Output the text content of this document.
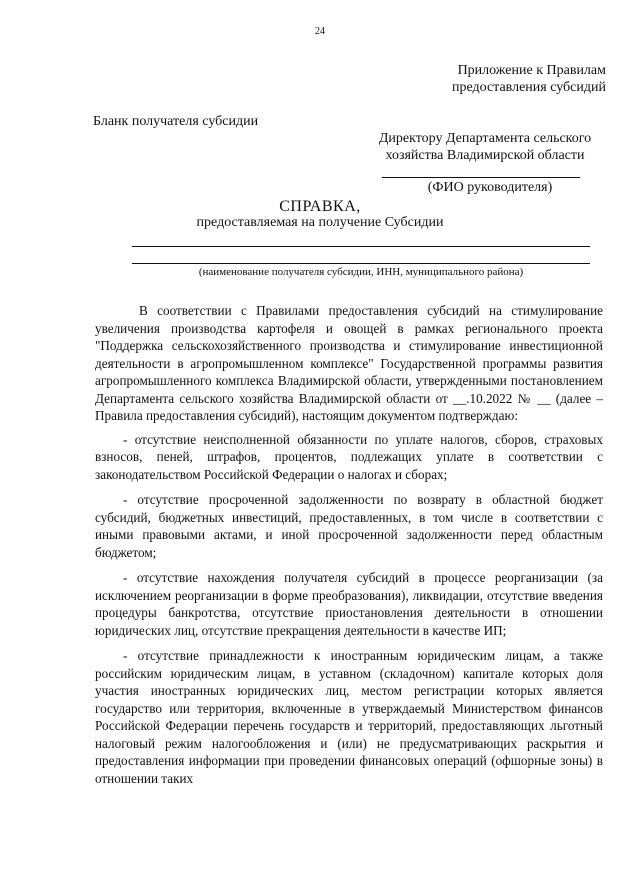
24
Приложение к Правилам
предоставления субсидий
Бланк получателя субсидии
Директору Департамента сельского
хозяйства Владимирской области
(ФИО руководителя)
СПРАВКА,
предоставляемая на получение Субсидии
(наименование получателя субсидии, ИНН, муниципального района)

В соответствии с Правилами предоставления субсидий на стимулирование увеличения производства картофеля и овощей в рамках регионального проекта "Поддержка сельскохозяйственного производства и стимулирование инвестиционной деятельности в агропромышленном комплексе" Государственной программы развития агропромышленного комплекса Владимирской области, утвержденными постановлением Департамента сельского хозяйства Владимирской области от __.10.2022 № __ (далее – Правила предоставления субсидий), настоящим документом подтверждаю:

- отсутствие неисполненной обязанности по уплате налогов, сборов, страховых взносов, пеней, штрафов, процентов, подлежащих уплате в соответствии с законодательством Российской Федерации о налогах и сборах;

- отсутствие просроченной задолженности по возврату в областной бюджет субсидий, бюджетных инвестиций, предоставленных, в том числе в соответствии с иными правовыми актами, и иной просроченной задолженности перед областным бюджетом;

- отсутствие нахождения получателя субсидий в процессе реорганизации (за исключением реорганизации в форме преобразования), ликвидации, отсутствие введения процедуры банкротства, отсутствие приостановления деятельности в отношении юридических лиц, отсутствие прекращения деятельности в качестве ИП;

- отсутствие принадлежности к иностранным юридическим лицам, а также российским юридическим лицам, в уставном (складочном) капитале которых доля участия иностранных юридических лиц, местом регистрации которых является государство или территория, включенные в утверждаемый Министерством финансов Российской Федерации перечень государств и территорий, предоставляющих льготный налоговый режим налогообложения и (или) не предусматривающих раскрытия и предоставления информации при проведении финансовых операций (офшорные зоны) в отношении таких
